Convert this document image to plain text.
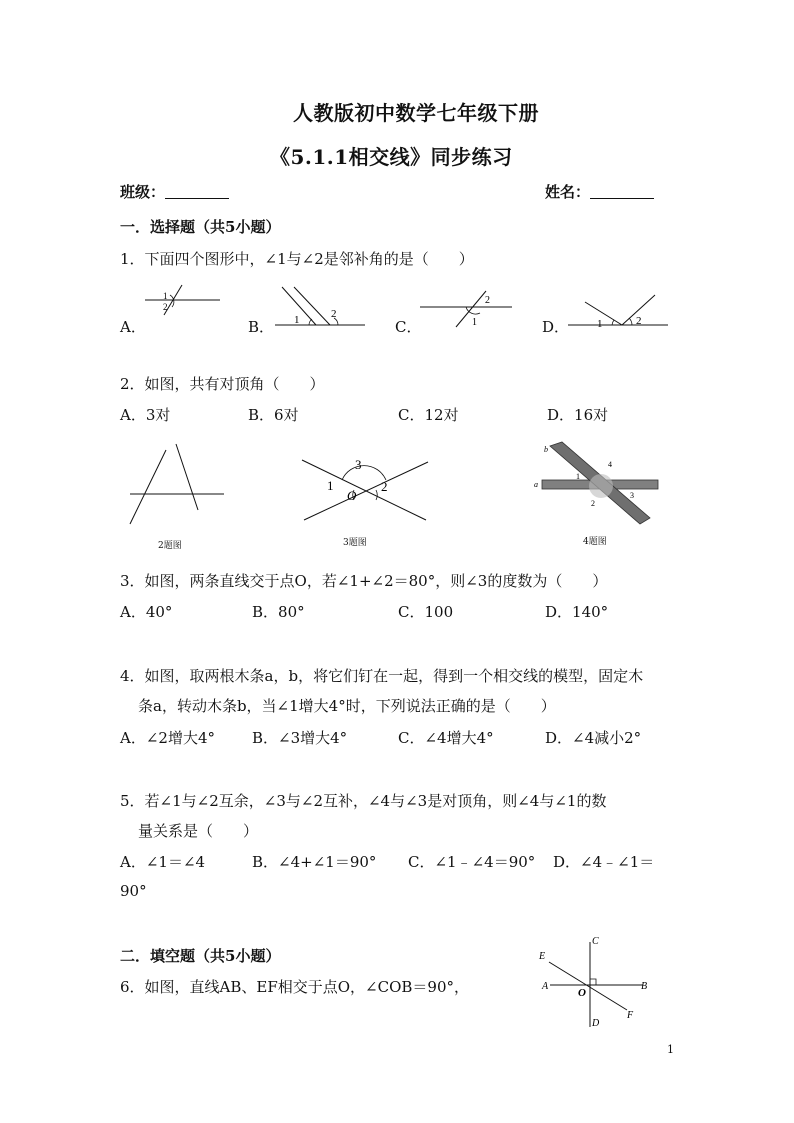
人教版初中数学七年级下册
《5.1.1相交线》同步练习
班级：	姓名：
一．选择题（共5小题）
1．下面四个图形中，∠1与∠2是邻补角的是（　　）
1
2
1	2
2
1	1	2
A．	B．	C．	D．
2．如图，共有对顶角（　　）
A．3对	B．6对	C．12对	D．16对
2题图
3
1	2
O
3题图
b
a
1
4
2
3
4题图
3．如图，两条直线交于点O，若∠1+∠2＝80°，则∠3的度数为（　　）
A．40°	B．80°	C．100	D．140°
4．如图，取两根木条a，b，将它们钉在一起，得到一个相交线的模型，固定木
条a，转动木条b，当∠1增大4°时，下列说法正确的是（　　）
A．∠2增大4° B．∠3增大4°	C．∠4增大4°	D．∠4减小2°
5．若∠1与∠2互余，∠3与∠2互补，∠4与∠3是对顶角，则∠4与∠1的数
量关系是（　　）
A．∠1＝∠4	B．∠4+∠1＝90° C．∠1﹣∠4＝90° D．∠4﹣∠1＝
90°
二．填空题（共5小题）
6．如图，直线AB、EF相交于点O，∠COB＝90°，
C
E
A	B
O
F
D
1
